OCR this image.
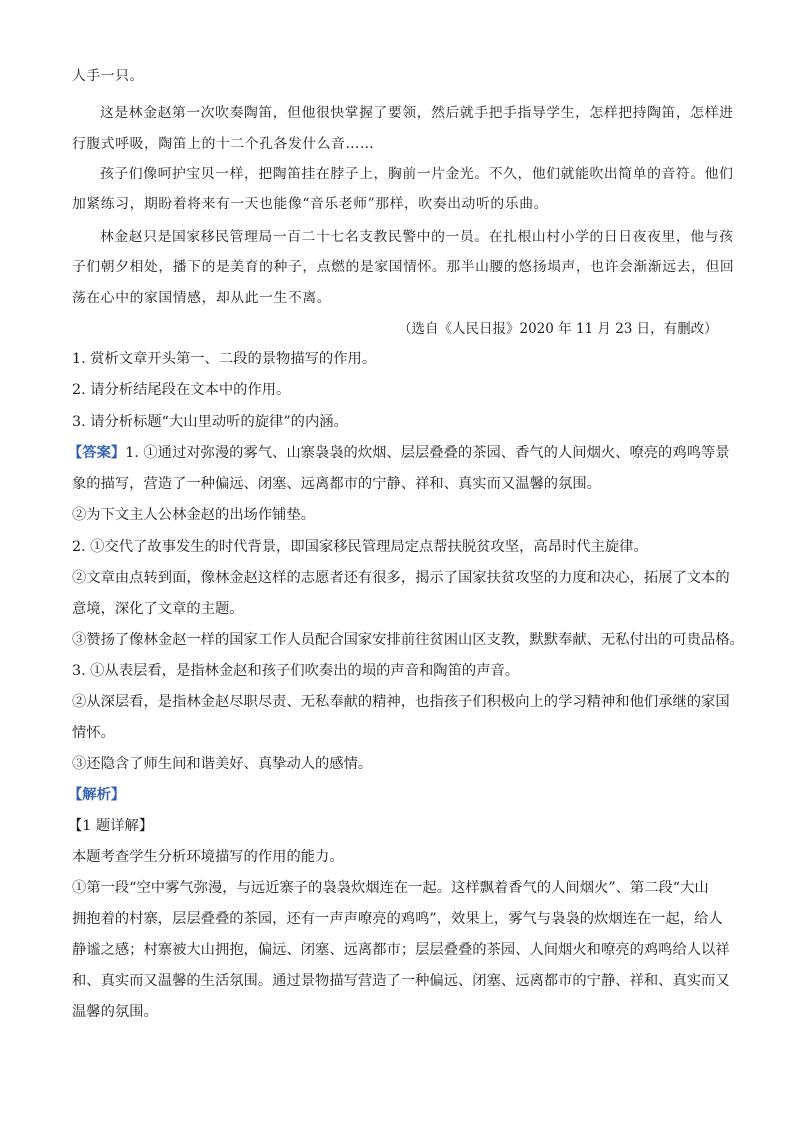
人手一只。
这是林金赵第一次吹奏陶笛，但他很快掌握了要领，然后就手把手指导学生，怎样把持陶笛，怎样进
行腹式呼吸，陶笛上的十二个孔各发什么音……
孩子们像呵护宝贝一样，把陶笛挂在脖子上，胸前一片金光。不久，他们就能吹出简单的音符。他们
加紧练习，期盼着将来有一天也能像“音乐老师”那样，吹奏出动听的乐曲。
林金赵只是国家移民管理局一百二十七名支教民警中的一员。在扎根山村小学的日日夜夜里，他与孩
子们朝夕相处，播下的是美育的种子，点燃的是家国情怀。那半山腰的悠扬埙声，也许会渐渐远去，但回
荡在心中的家国情感，却从此一生不离。
（选自《人民日报》2020 年 11 月 23 日，有删改）
1. 赏析文章开头第一、二段的景物描写的作用。
2. 请分析结尾段在文本中的作用。
3. 请分析标题“大山里动听的旋律”的内涵。
【答案】1. ①通过对弥漫的雾气、山寨袅袅的炊烟、层层叠叠的茶园、香气的人间烟火、嘹亮的鸡鸣等景
象的描写，营造了一种偏远、闭塞、远离都市的宁静、祥和、真实而又温馨的氛围。
②为下文主人公林金赵的出场作铺垫。
2. ①交代了故事发生的时代背景，即国家移民管理局定点帮扶脱贫攻坚，高昂时代主旋律。
②文章由点转到面，像林金赵这样的志愿者还有很多，揭示了国家扶贫攻坚的力度和决心，拓展了文本的
意境，深化了文章的主题。
③赞扬了像林金赵一样的国家工作人员配合国家安排前往贫困山区支教，默默奉献、无私付出的可贵品格。
3. ①从表层看，是指林金赵和孩子们吹奏出的埙的声音和陶笛的声音。
②从深层看，是指林金赵尽职尽责、无私奉献的精神，也指孩子们积极向上的学习精神和他们承继的家国
情怀。
③还隐含了师生间和谐美好、真挚动人的感情。
【解析】
【1 题详解】
本题考查学生分析环境描写的作用的能力。
①第一段“空中雾气弥漫，与远近寨子的袅袅炊烟连在一起。这样飘着香气的人间烟火”、第二段“大山
拥抱着的村寨，层层叠叠的茶园，还有一声声嘹亮的鸡鸣”，效果上，雾气与袅袅的炊烟连在一起，给人
静谧之感；村寨被大山拥抱，偏远、闭塞、远离都市；层层叠叠的茶园、人间烟火和嘹亮的鸡鸣给人以祥
和、真实而又温馨的生活氛围。通过景物描写营造了一种偏远、闭塞、远离都市的宁静、祥和、真实而又
温馨的氛围。
